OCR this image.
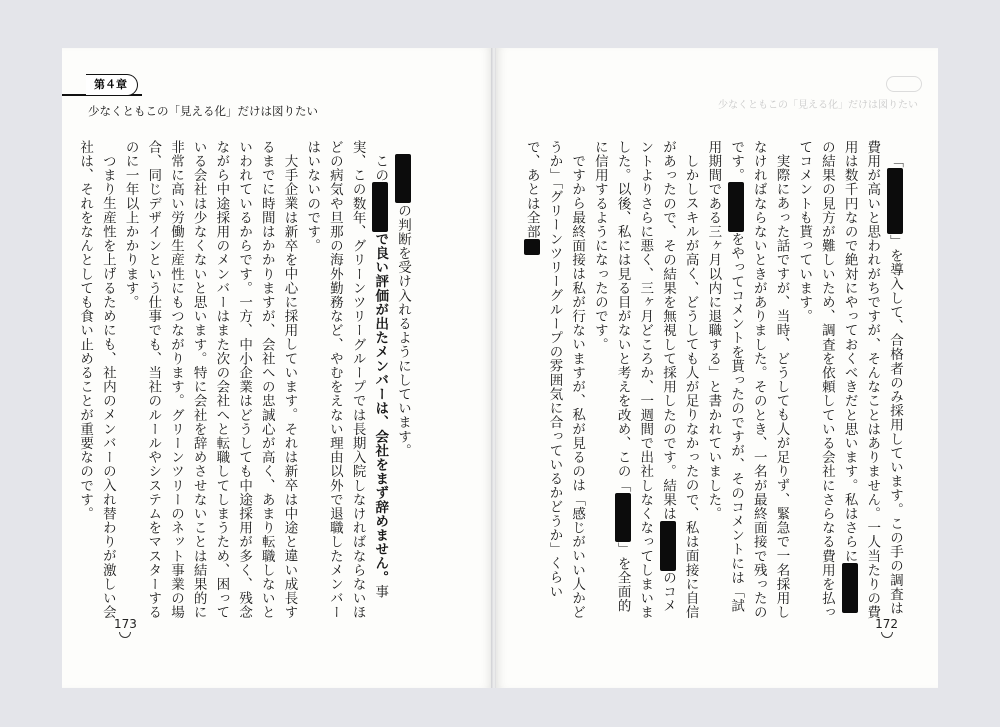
第４章
少なくともこの「見える化」だけは図りたい

の判断を受け入れるようにしています。

こので良い評価が出たメンバーは、会社をまず辞めません。事実、この数年、グリーンツリーグループでは長期入院しなければならないほどの病気や旦那の海外勤務など、やむをえない理由以外で退職したメンバーはいないのです。

大手企業は新卒を中心に採用しています。それは新卒は中途と違い成長するまでに時間はかかりますが、会社への忠誠心が高く、あまり転職しないといわれているからです。一方、中小企業はどうしても中途採用が多く、残念ながら中途採用のメンバーはまた次の会社へと転職してしまうため、困っている会社は少なくないと思います。特に会社を辞めさせないことは結果的に非常に高い労働生産性にもつながります。グリーンツリーのネット事業の場合、同じデザインという仕事でも、当社のルールやシステムをマスターするのに一年以上かかります。

つまり生産性を上げるためにも、社内のメンバーの入れ替わりが激しい会社は、それをなんとしても食い止めることが重要なのです。

173
少なくともこの「見える化」だけは図りたい

「」を導入して、合格者のみ採用しています。この手の調査は費用が高いと思われがちですが、そんなことはありません。一人当たりの費用は数千円なので絶対にやっておくべきだと思います。私はさらにの結果の見方が難しいため、調査を依頼している会社にさらなる費用を払ってコメントも貰っています。

実際にあった話ですが、当時、どうしても人が足りず、緊急で一名採用しなければならないときがありました。そのとき、一名が最終面接で残ったのです。をやってコメントを貰ったのですが、そのコメントには「試用期間である三ヶ月以内に退職する」と書かれていました。

しかしスキルが高く、どうしても人が足りなかったので、私は面接に自信があったので、その結果を無視して採用したのです。結果はのコメントよりさらに悪く、三ヶ月どころか、一週間で出社しなくなってしまいました。以後、私には見る目がないと考えを改め、この「」を全面的に信用するようになったのです。

ですから最終面接は私が行ないますが、私が見るのは「感じがいい人かどうか」「グリーンツリーグループの雰囲気に合っているかどうか」くらいで、あとは全部

172
